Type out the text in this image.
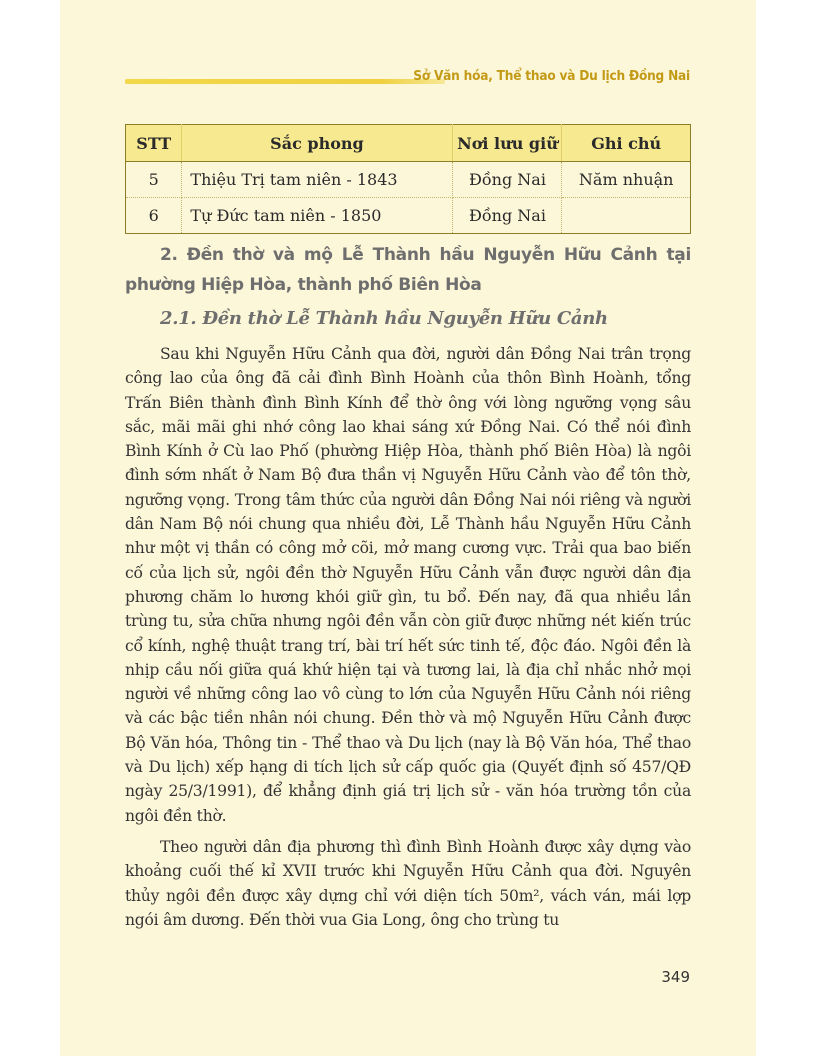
Sở Văn hóa, Thể thao và Du lịch Đồng Nai
STT	Sắc phong	Nơi lưu giữ	Ghi chú
5	Thiệu Trị tam niên - 1843	Đồng Nai	Năm nhuận
6	Tự Đức tam niên - 1850	Đồng Nai	
2. Đền thờ và mộ Lễ Thành hầu Nguyễn Hữu Cảnh tại phường Hiệp Hòa, thành phố Biên Hòa
2.1. Đền thờ Lễ Thành hầu Nguyễn Hữu Cảnh

Sau khi Nguyễn Hữu Cảnh qua đời, người dân Đồng Nai trân trọng công lao của ông đã cải đình Bình Hoành của thôn Bình Hoành, tổng Trấn Biên thành đình Bình Kính để thờ ông với lòng ngưỡng vọng sâu sắc, mãi mãi ghi nhớ công lao khai sáng xứ Đồng Nai. Có thể nói đình Bình Kính ở Cù lao Phố (phường Hiệp Hòa, thành phố Biên Hòa) là ngôi đình sớm nhất ở Nam Bộ đưa thần vị Nguyễn Hữu Cảnh vào để tôn thờ, ngưỡng vọng. Trong tâm thức của người dân Đồng Nai nói riêng và người dân Nam Bộ nói chung qua nhiều đời, Lễ Thành hầu Nguyễn Hữu Cảnh như một vị thần có công mở cõi, mở mang cương vực. Trải qua bao biến cố của lịch sử, ngôi đền thờ Nguyễn Hữu Cảnh vẫn được người dân địa phương chăm lo hương khói giữ gìn, tu bổ. Đến nay, đã qua nhiều lần trùng tu, sửa chữa nhưng ngôi đền vẫn còn giữ được những nét kiến trúc cổ kính, nghệ thuật trang trí, bài trí hết sức tinh tế, độc đáo. Ngôi đền là nhịp cầu nối giữa quá khứ hiện tại và tương lai, là địa chỉ nhắc nhở mọi người về những công lao vô cùng to lớn của Nguyễn Hữu Cảnh nói riêng và các bậc tiền nhân nói chung. Đền thờ và mộ Nguyễn Hữu Cảnh được Bộ Văn hóa, Thông tin - Thể thao và Du lịch (nay là Bộ Văn hóa, Thể thao và Du lịch) xếp hạng di tích lịch sử cấp quốc gia (Quyết định số 457/QĐ ngày 25/3/1991), để khẳng định giá trị lịch sử - văn hóa trường tồn của ngôi đền thờ.

Theo người dân địa phương thì đình Bình Hoành được xây dựng vào khoảng cuối thế kỉ XVII trước khi Nguyễn Hữu Cảnh qua đời. Nguyên thủy ngôi đền được xây dựng chỉ với diện tích 50m², vách ván, mái lợp ngói âm dương. Đến thời vua Gia Long, ông cho trùng tu

349
